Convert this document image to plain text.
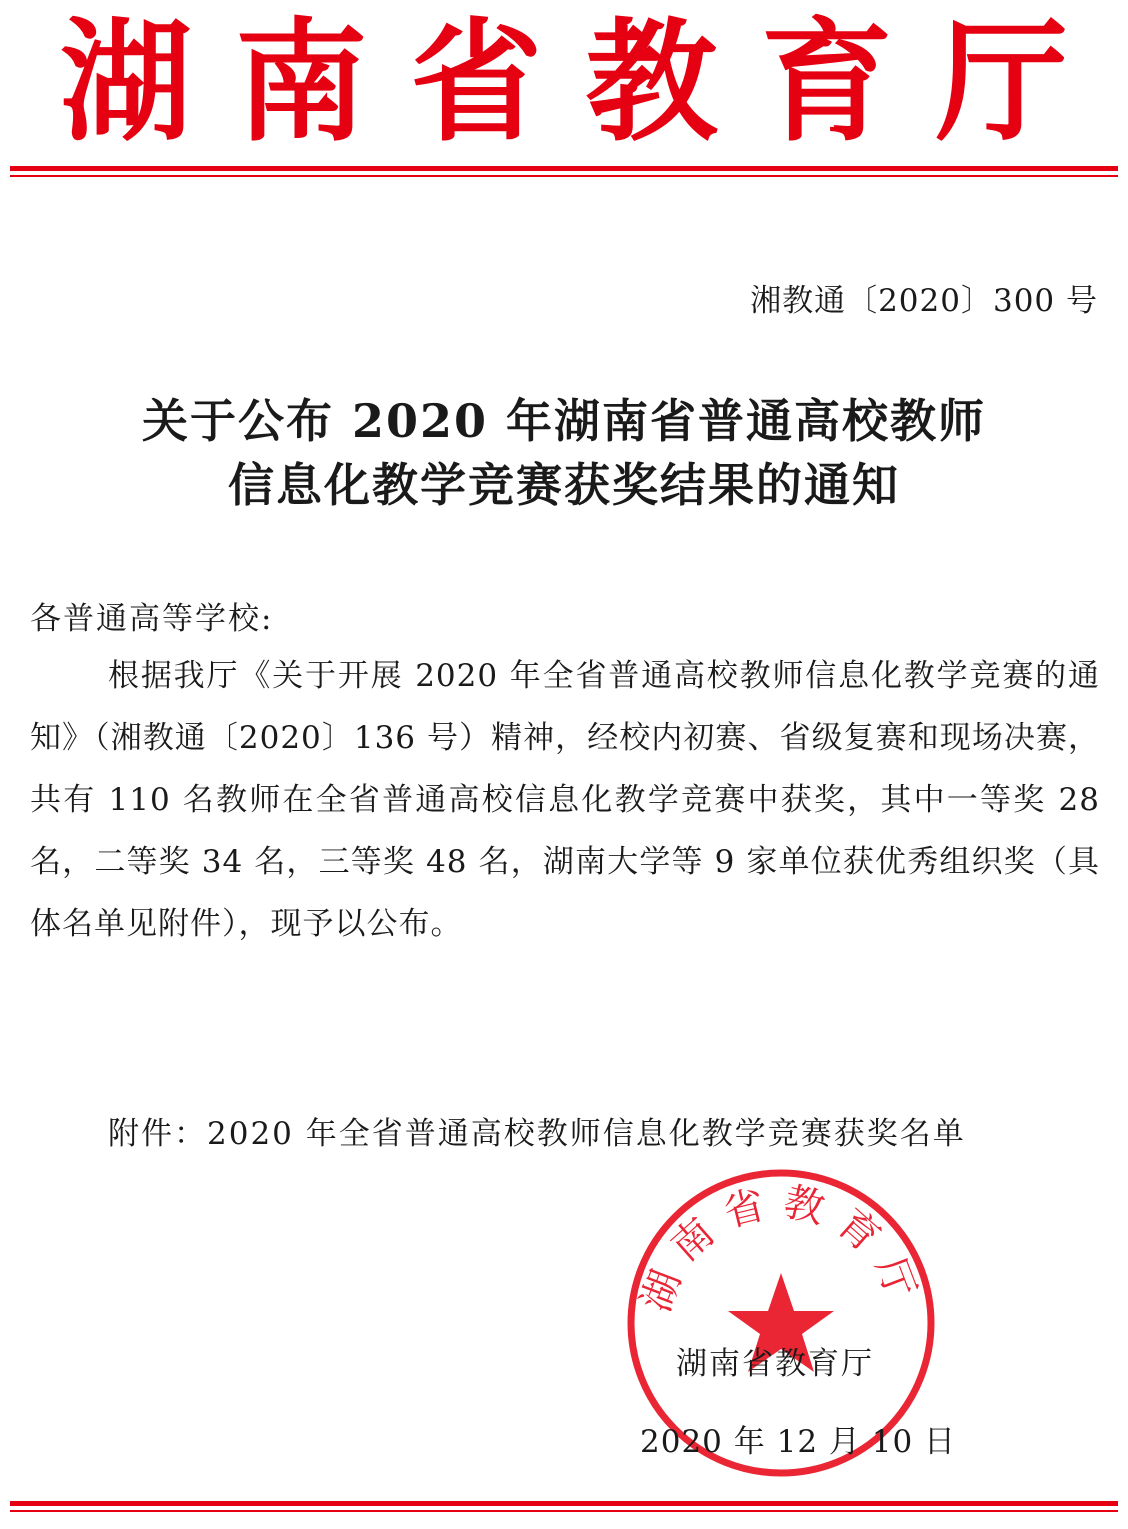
湖 南 省 教 育 厅
湘教通〔2020〕300 号
关于公布 2020 年湖南省普通高校教师
信息化教学竞赛获奖结果的通知
各普通高等学校:

根据我厅《关于开展 2020 年全省普通高校教师信息化教学竞赛的通知》（湘教通〔2020〕136 号）精神，经校内初赛、省级复赛和现场决赛，共有 110 名教师在全省普通高校信息化教学竞赛中获奖，其中一等奖 28 名，二等奖 34 名，三等奖 48 名，湖南大学等 9 家单位获优秀组织奖（具体名单见附件），现予以公布。

附件：2020 年全省普通高校教师信息化教学竞赛获奖名单
湖南省教育厅
湖南省教育厅
2020 年 12 月 10 日
